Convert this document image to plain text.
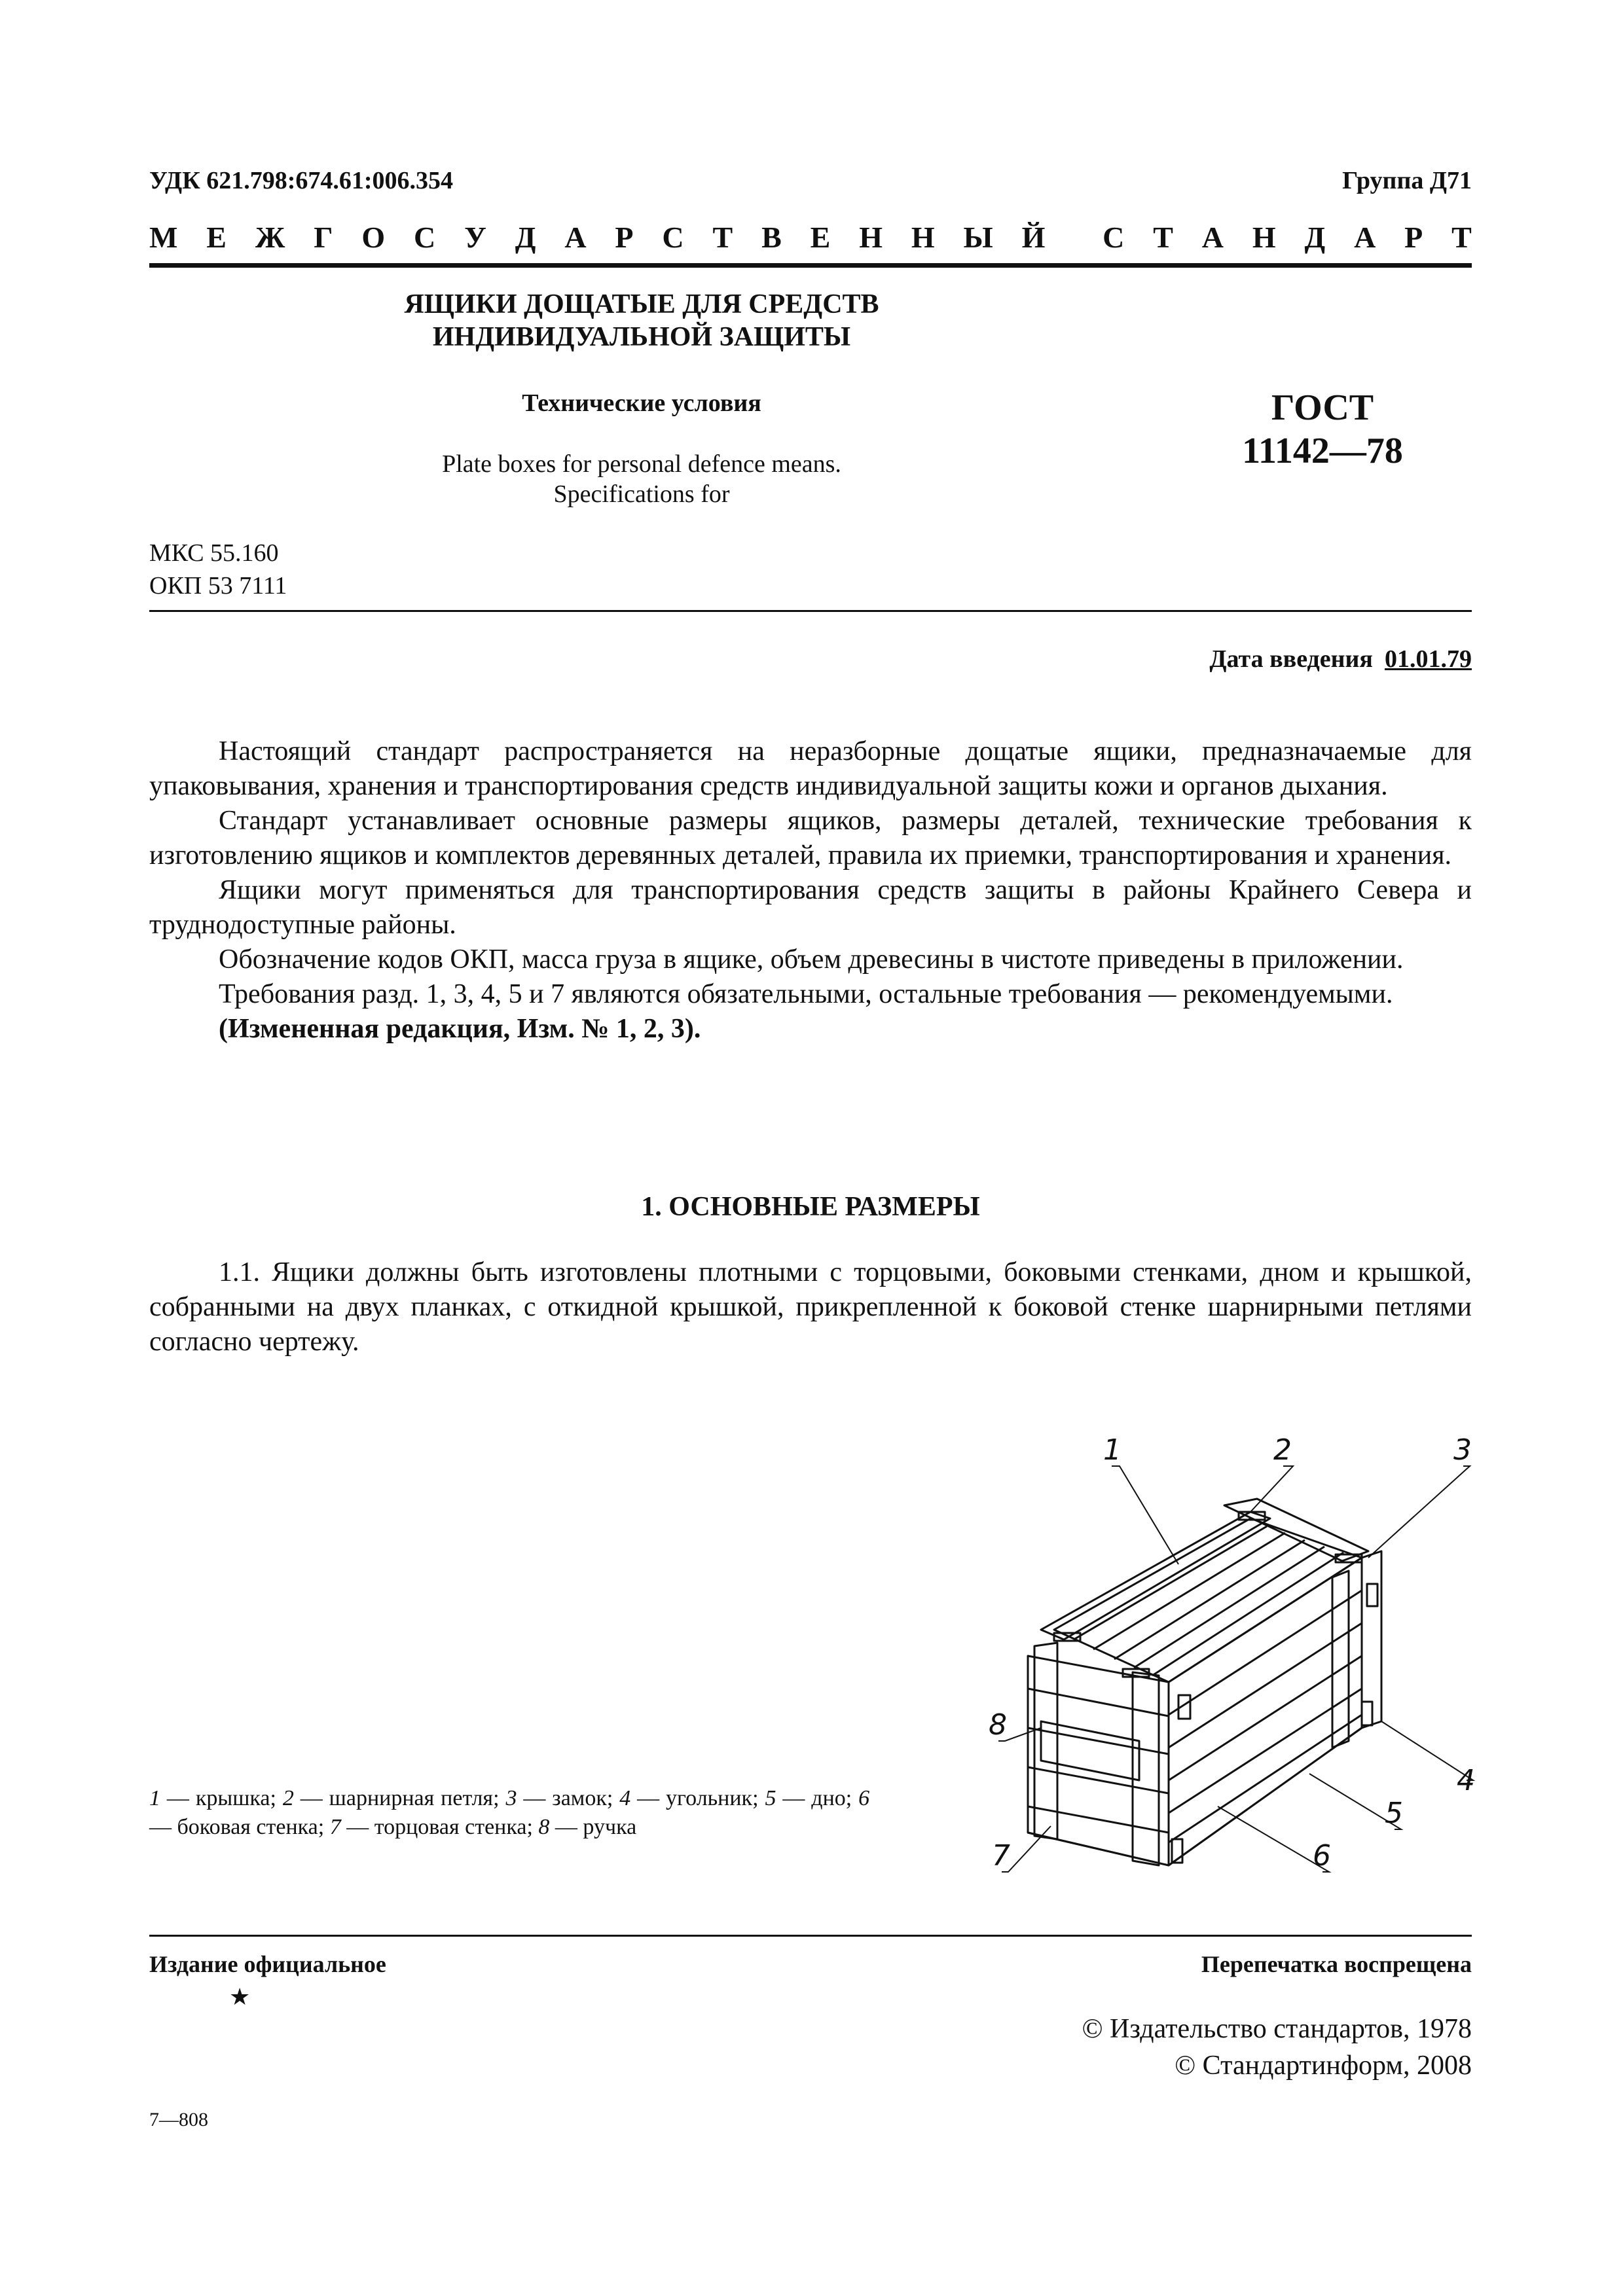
УДК 621.798:674.61:006.354	Группа Д71
М Е Ж Г О С У Д А Р С Т В Е Н Н Ы Й С Т А Н Д А Р Т
ЯЩИКИ ДОЩАТЫЕ ДЛЯ СРЕДСТВ
ИНДИВИДУАЛЬНОЙ ЗАЩИТЫ
Технические условия
Plate boxes for personal defence means.
Specifications for
ГОСТ
11142—78
МКС 55.160
ОКП 53 7111
Дата введения 01.01.79

Настоящий стандарт распространяется на неразборные дощатые ящики, предназначаемые для упаковывания, хранения и транспортирования средств индивидуальной защиты кожи и органов дыхания.

Стандарт устанавливает основные размеры ящиков, размеры деталей, технические требования к изготовлению ящиков и комплектов деревянных деталей, правила их приемки, транспортирования и хранения.

Ящики могут применяться для транспортирования средств защиты в районы Крайнего Севера и труднодоступные районы.

Обозначение кодов ОКП, масса груза в ящике, объем древесины в чистоте приведены в приложении.

Требования разд. 1, 3, 4, 5 и 7 являются обязательными, остальные требования — рекомендуемыми.

(Измененная редакция, Изм. № 1, 2, 3).

1. ОСНОВНЫЕ РАЗМЕРЫ

1.1. Ящики должны быть изготовлены плотными с торцовыми, боковыми стенками, дном и крышкой, собранными на двух планках, с откидной крышкой, прикрепленной к боковой стенке шарнирными петлями согласно чертежу.

1 — крышка; 2 — шарнирная петля; 3 — замок; 4 — угольник; 5 — дно; 6 — боковая стенка; 7 — торцовая стенка; 8 — ручка
1	2	3
4
5
6
7
8
Издание официальное	Перепечатка воспрещена
★
© Издательство стандартов, 1978
© Стандартинформ, 2008
7—808
